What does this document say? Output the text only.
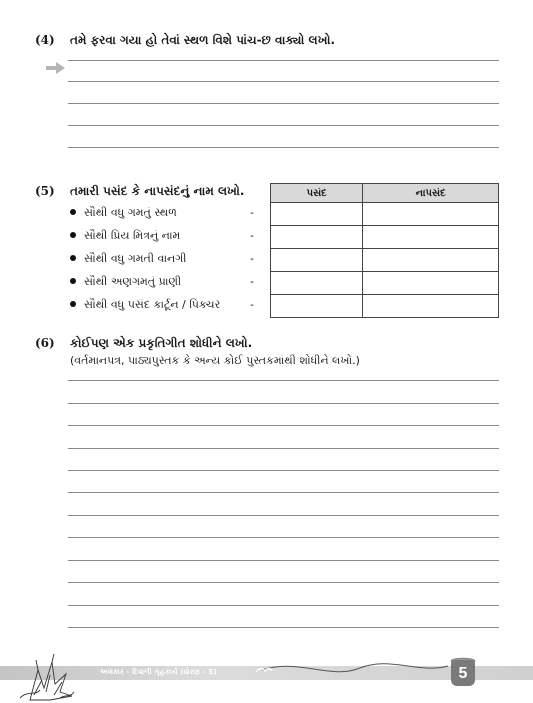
(4) તમે ફરવા ગયા હો તેવાં સ્થળ વિશે પાંચ-છ વાક્યો લખો.
(5) તમારી પસંદ કે નાપસંદનું નામ લખો.
સૌથી વધુ ગમતું સ્થળ	-
સૌથી પ્રિય મિત્રનું નામ	-
સૌથી વધુ ગમતી વાનગી	-
સૌથી અણગમતું પ્રાણી	-
સૌથી વધુ પસંદ કાર્ટૂન / પિક્ચર	-
પસંદ	નાપસંદ

(6) કોઈપણ એક પ્રકૃતિગીત શોધીને લખો.
(વર્તમાનપત્ર, પાઠ્યપુસ્તક કે અન્ય કોઈ પુસ્તકમાંથી શોધીને લખો.)
અલંકાર - દિવાળી ગૃહકાર્ય (ધોરણ - 5)	5
